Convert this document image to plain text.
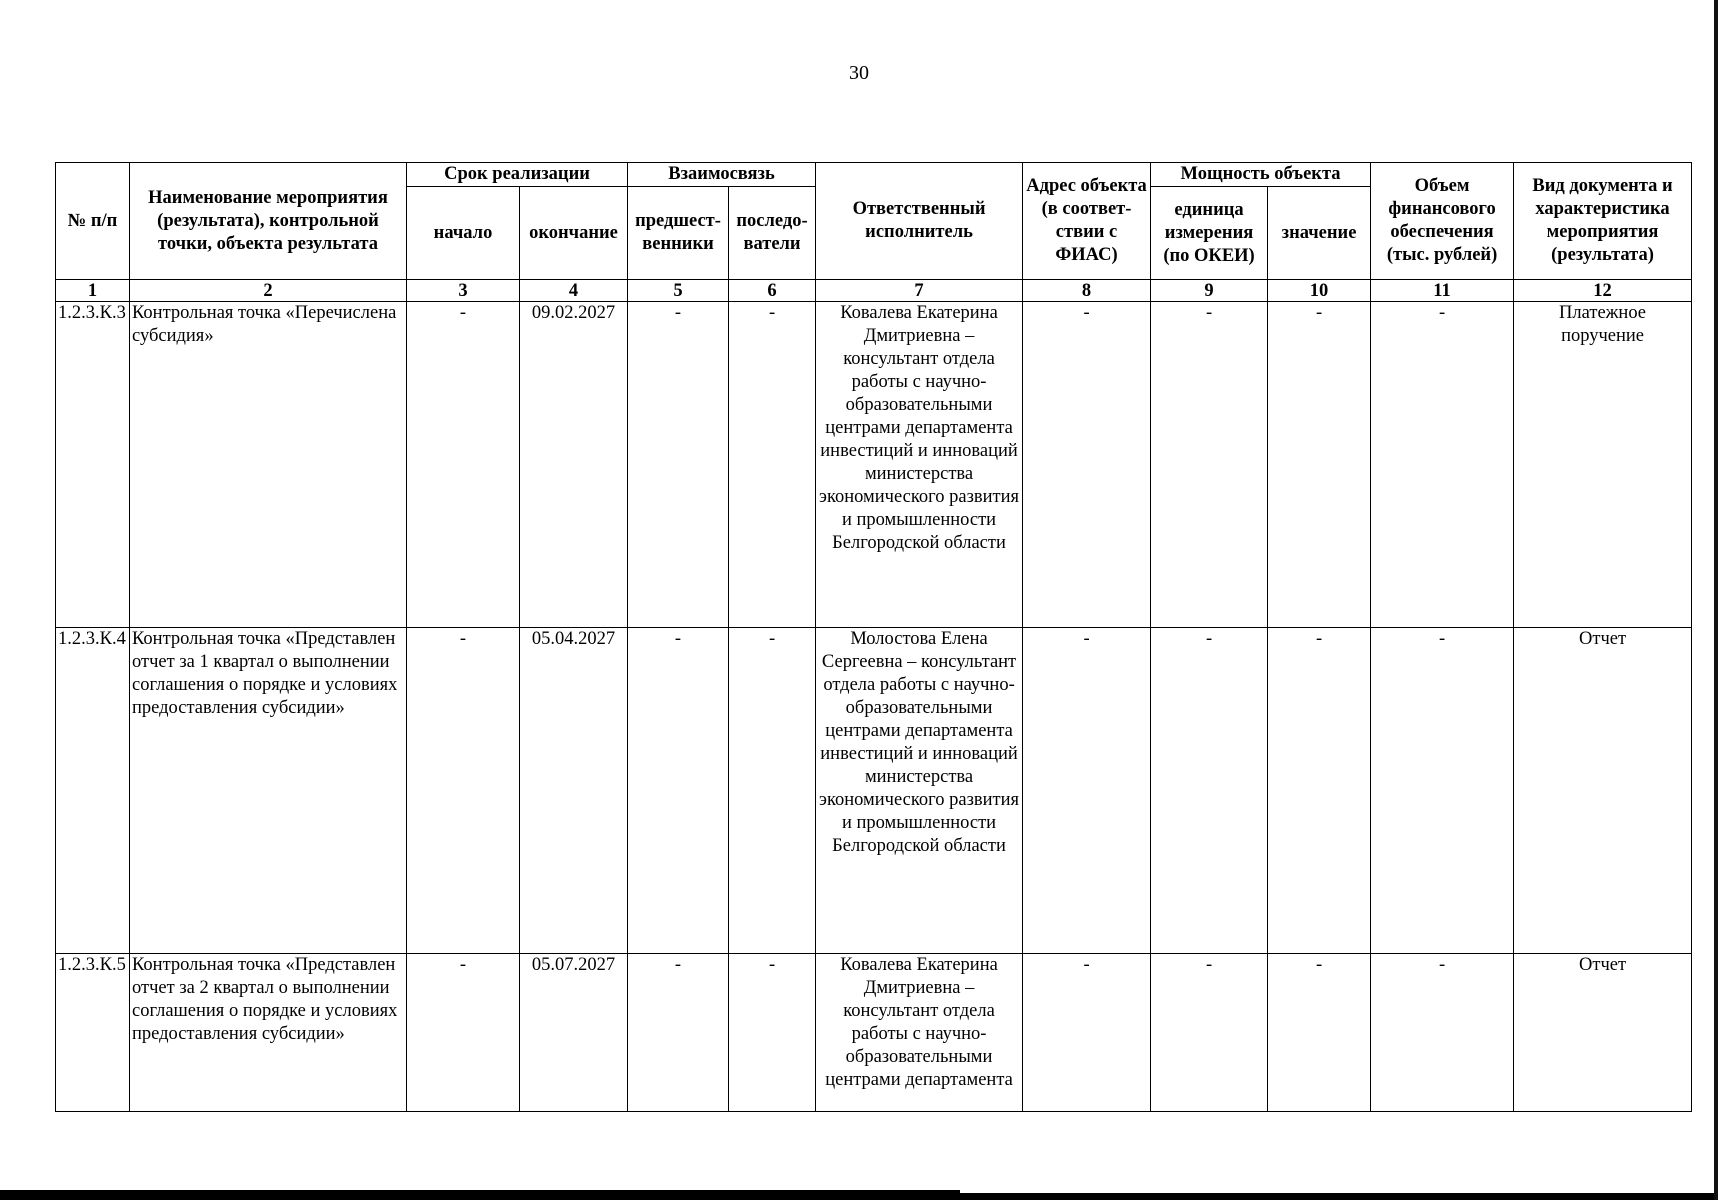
30
№ п/п	Наименование мероприятия (результата), контрольной точки, объекта результата	Срок реализации		Взаимосвязь		Ответственный исполнитель	Адрес объекта (в соответ-ствии с ФИАС)	Мощность объекта		Объем финансового обеспечения (тыс. рублей)	Вид документа и характеристика мероприятия (результата)
		начало	окончание	предшест-венники	последо-ватели			единица измерения (по ОКЕИ)	значение		
1	2	3	4	5	6	7	8	9	10	11	12
1.2.3.К.3	Контрольная точка «Перечислена субсидия»	-	09.02.2027	-	-	Ковалева Екатерина Дмитриевна – консультант отдела работы с научно-образовательными центрами департамента инвестиций и инноваций министерства экономического развития и промышленности Белгородской области	-	-	-	-	Платежное поручение
1.2.3.К.4	Контрольная точка «Представлен отчет за 1 квартал о выполнении соглашения о порядке и условиях предоставления субсидии»	-	05.04.2027	-	-	Молостова Елена Сергеевна – консультант отдела работы с научно-образовательными центрами департамента инвестиций и инноваций министерства экономического развития и промышленности Белгородской области	-	-	-	-	Отчет
1.2.3.К.5	Контрольная точка «Представлен отчет за 2 квартал о выполнении соглашения о порядке и условиях предоставления субсидии»	-	05.07.2027	-	-	Ковалева Екатерина Дмитриевна – консультант отдела работы с научно-образовательными центрами департамента	-	-	-	-	Отчет
